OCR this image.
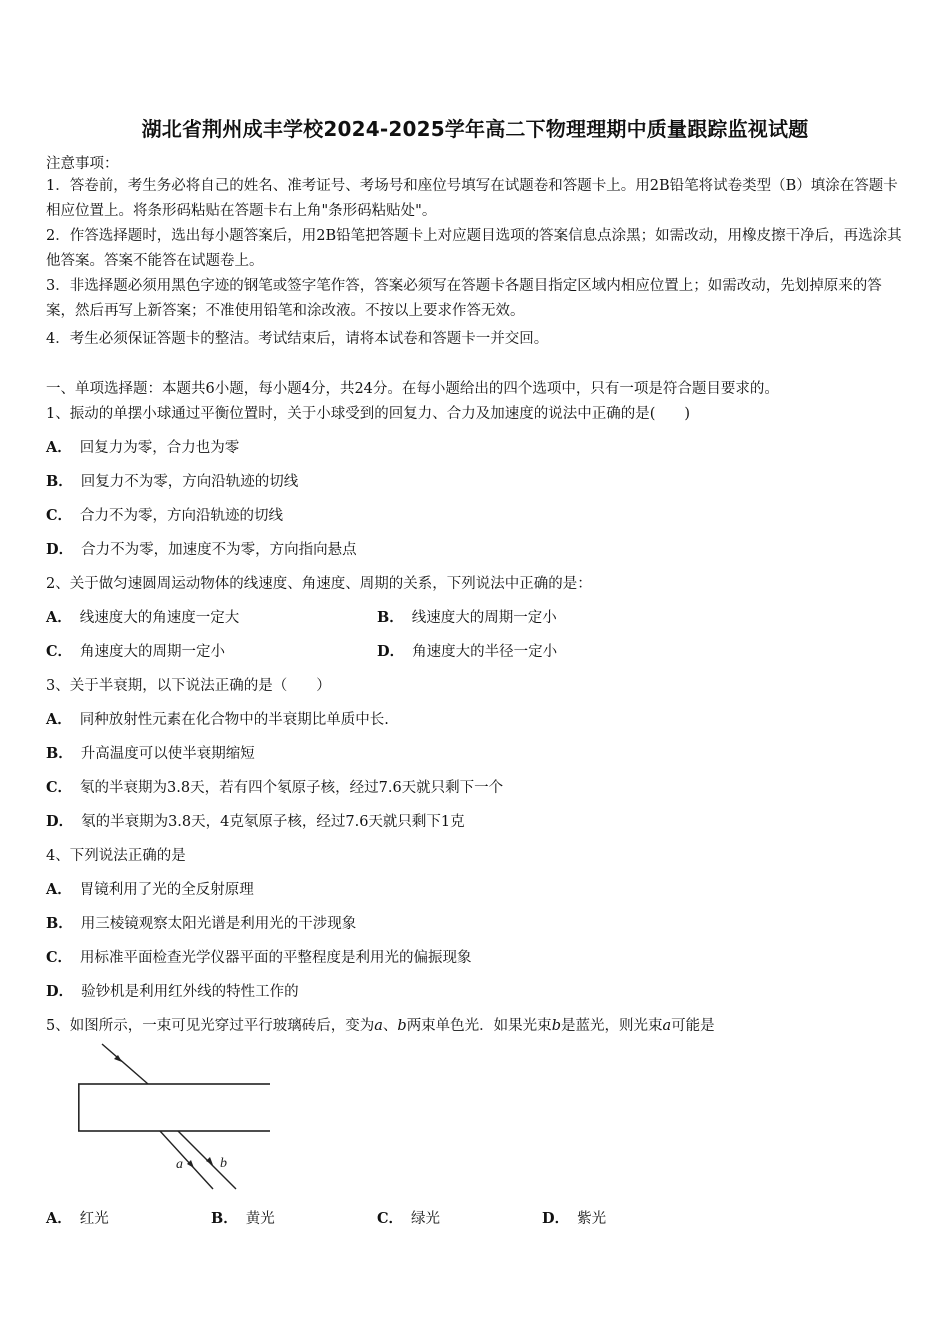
湖北省荆州成丰学校2024-2025学年高二下物理理期中质量跟踪监视试题
注意事项：
1．答卷前，考生务必将自己的姓名、准考证号、考场号和座位号填写在试题卷和答题卡上。用2B铅笔将试卷类型（B）填涂在答题卡相应位置上。将条形码粘贴在答题卡右上角"条形码粘贴处"。
2．作答选择题时，选出每小题答案后，用2B铅笔把答题卡上对应题目选项的答案信息点涂黑；如需改动，用橡皮擦干净后，再选涂其他答案。答案不能答在试题卷上。
3．非选择题必须用黑色字迹的钢笔或签字笔作答，答案必须写在答题卡各题目指定区域内相应位置上；如需改动，先划掉原来的答案，然后再写上新答案；不准使用铅笔和涂改液。不按以上要求作答无效。
4．考生必须保证答题卡的整洁。考试结束后，请将本试卷和答题卡一并交回。
一、单项选择题：本题共6小题，每小题4分，共24分。在每小题给出的四个选项中，只有一项是符合题目要求的。
1、振动的单摆小球通过平衡位置时，关于小球受到的回复力、合力及加速度的说法中正确的是(　　)
A． 回复力为零，合力也为零
B． 回复力不为零，方向沿轨迹的切线
C． 合力不为零，方向沿轨迹的切线
D． 合力不为零，加速度不为零，方向指向悬点
2、关于做匀速圆周运动物体的线速度、角速度、周期的关系，下列说法中正确的是：
A． 线速度大的角速度一定大	B． 线速度大的周期一定小
C． 角速度大的周期一定小	D． 角速度大的半径一定小
3、关于半衰期，以下说法正确的是（　　）
A． 同种放射性元素在化合物中的半衰期比单质中长.
B． 升高温度可以使半衰期缩短
C． 氡的半衰期为3.8天，若有四个氡原子核，经过7.6天就只剩下一个
D． 氡的半衰期为3.8天，4克氡原子核，经过7.6天就只剩下1克
4、下列说法正确的是
A． 胃镜利用了光的全反射原理
B． 用三棱镜观察太阳光谱是利用光的干涉现象
C． 用标准平面检查光学仪器平面的平整程度是利用光的偏振现象
D． 验钞机是利用红外线的特性工作的
5、如图所示，一束可见光穿过平行玻璃砖后，变为a、b两束单色光．如果光束b是蓝光，则光束a可能是
a	b
A． 红光	B． 黄光	C． 绿光	D． 紫光
